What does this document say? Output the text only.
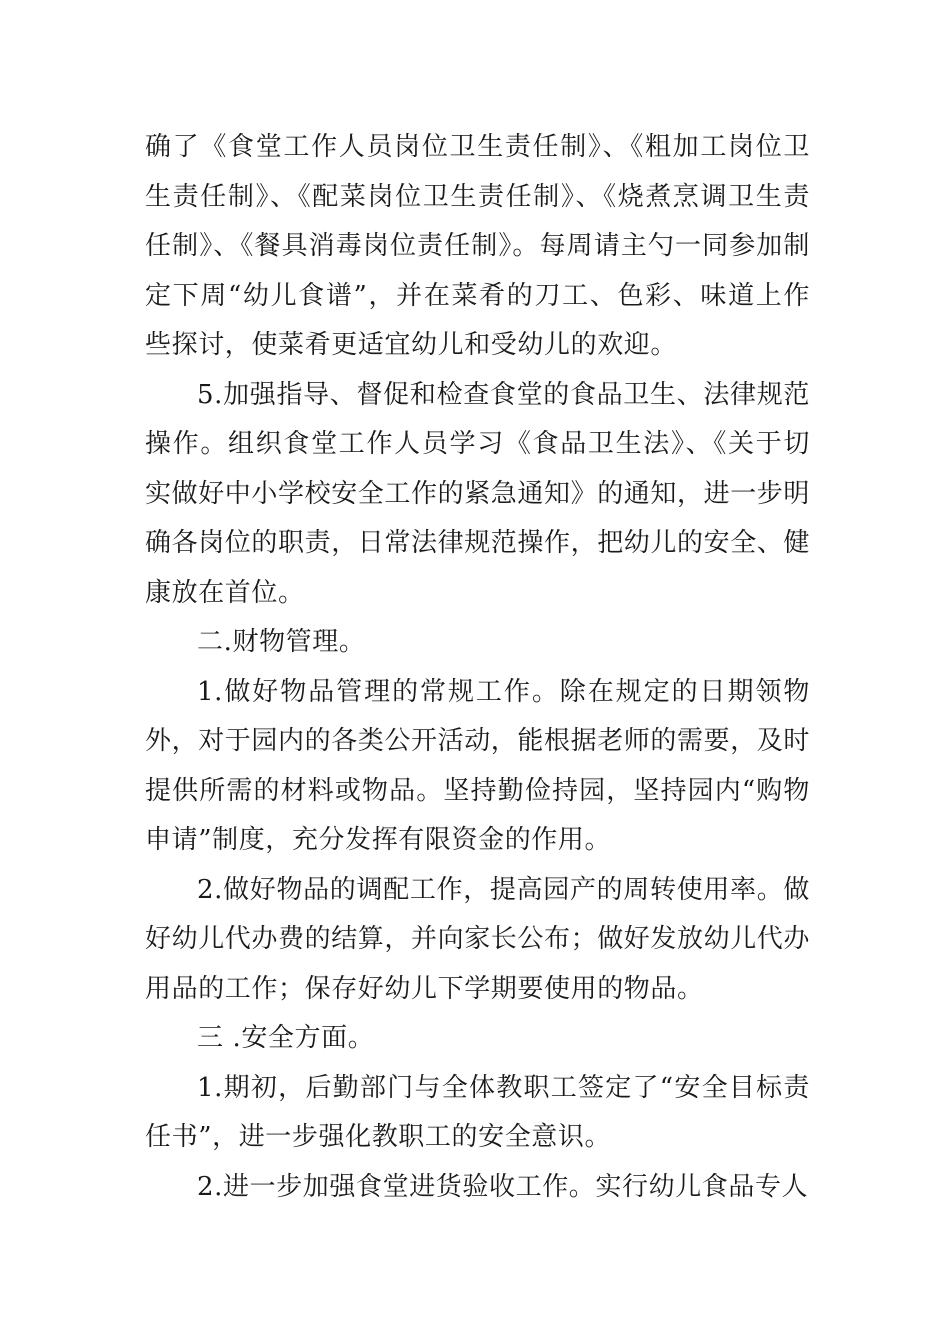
确了《食堂工作人员岗位卫生责任制》、《粗加工岗位卫生责任制》、《配菜岗位卫生责任制》、《烧煮烹调卫生责任制》、《餐具消毒岗位责任制》。每周请主勺一同参加制定下周“幼儿食谱”，并在菜肴的刀工、色彩、味道上作些探讨，使菜肴更适宜幼儿和受幼儿的欢迎。

5.加强指导、督促和检查食堂的食品卫生、法律规范操作。组织食堂工作人员学习《食品卫生法》、《关于切实做好中小学校安全工作的紧急通知》的通知，进一步明确各岗位的职责，日常法律规范操作，把幼儿的安全、健康放在首位。

二.财物管理。

1.做好物品管理的常规工作。除在规定的日期领物外，对于园内的各类公开活动，能根据老师的需要，及时提供所需的材料或物品。坚持勤俭持园，坚持园内“购物申请”制度，充分发挥有限资金的作用。

2.做好物品的调配工作，提高园产的周转使用率。做好幼儿代办费的结算，并向家长公布；做好发放幼儿代办用品的工作；保存好幼儿下学期要使用的物品。

三 .安全方面。

1.期初，后勤部门与全体教职工签定了“安全目标责任书”，进一步强化教职工的安全意识。

2.进一步加强食堂进货验收工作。实行幼儿食品专人
